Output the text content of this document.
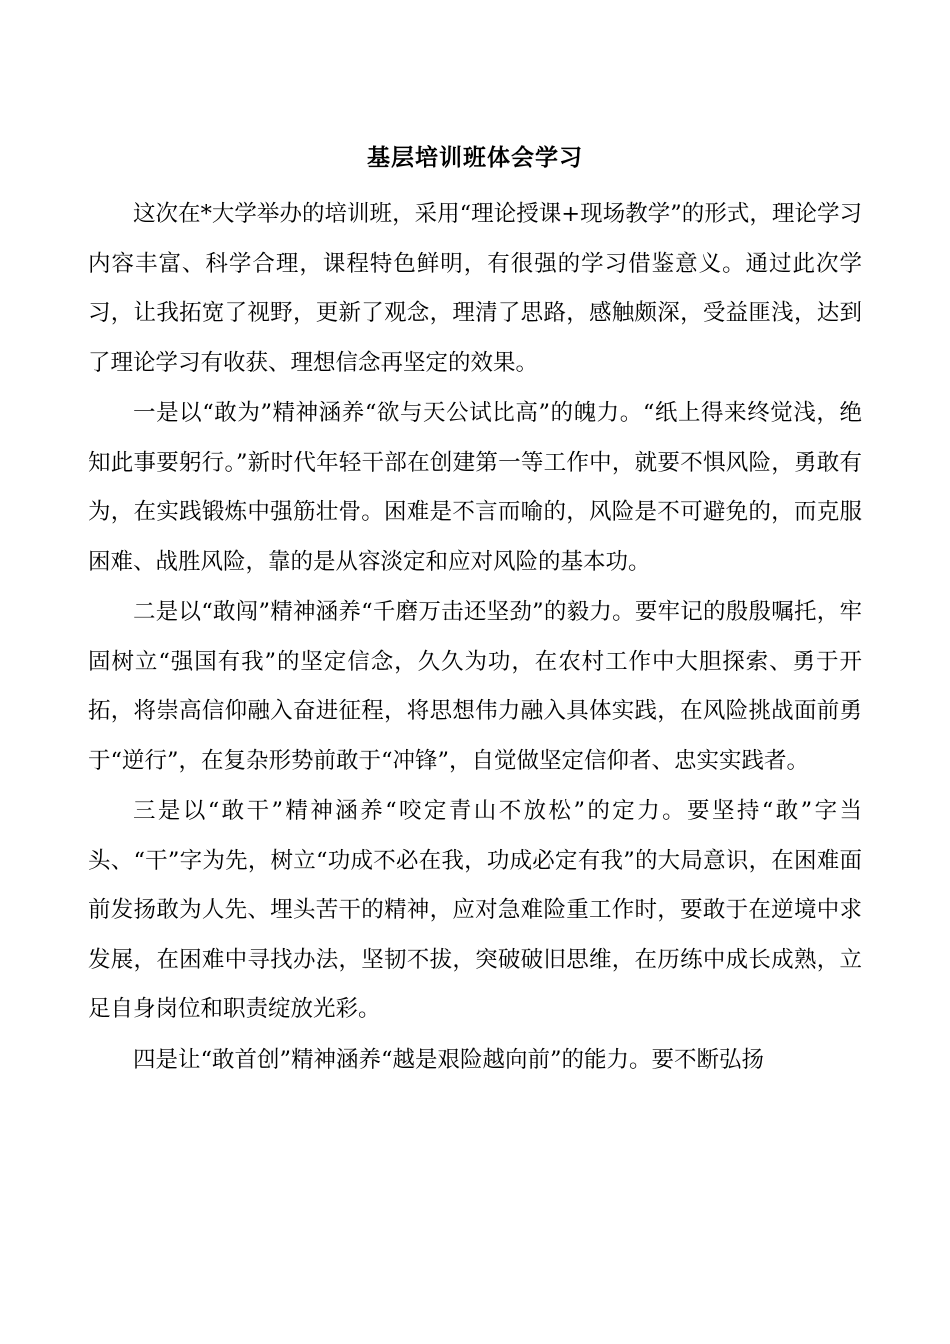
基层培训班体会学习

这次在*大学举办的培训班，采用“理论授课+现场教学”的形式，理论学习内容丰富、科学合理，课程特色鲜明，有很强的学习借鉴意义。通过此次学习，让我拓宽了视野，更新了观念，理清了思路，感触颇深，受益匪浅，达到了理论学习有收获、理想信念再坚定的效果。

一是以“敢为”精神涵养“欲与天公试比高”的魄力。“纸上得来终觉浅，绝知此事要躬行。”新时代年轻干部在创建第一等工作中，就要不惧风险，勇敢有为，在实践锻炼中强筋壮骨。困难是不言而喻的，风险是不可避免的，而克服困难、战胜风险，靠的是从容淡定和应对风险的基本功。

二是以“敢闯”精神涵养“千磨万击还坚劲”的毅力。要牢记的殷殷嘱托，牢固树立“强国有我”的坚定信念，久久为功，在农村工作中大胆探索、勇于开拓，将崇高信仰融入奋进征程，将思想伟力融入具体实践，在风险挑战面前勇于“逆行”，在复杂形势前敢于“冲锋”，自觉做坚定信仰者、忠实实践者。

三是以“敢干”精神涵养“咬定青山不放松”的定力。要坚持“敢”字当头、“干”字为先，树立“功成不必在我，功成必定有我”的大局意识，在困难面前发扬敢为人先、埋头苦干的精神，应对急难险重工作时，要敢于在逆境中求发展，在困难中寻找办法，坚韧不拔，突破破旧思维，在历练中成长成熟，立足自身岗位和职责绽放光彩。

四是让“敢首创”精神涵养“越是艰险越向前”的能力。要不断弘扬
